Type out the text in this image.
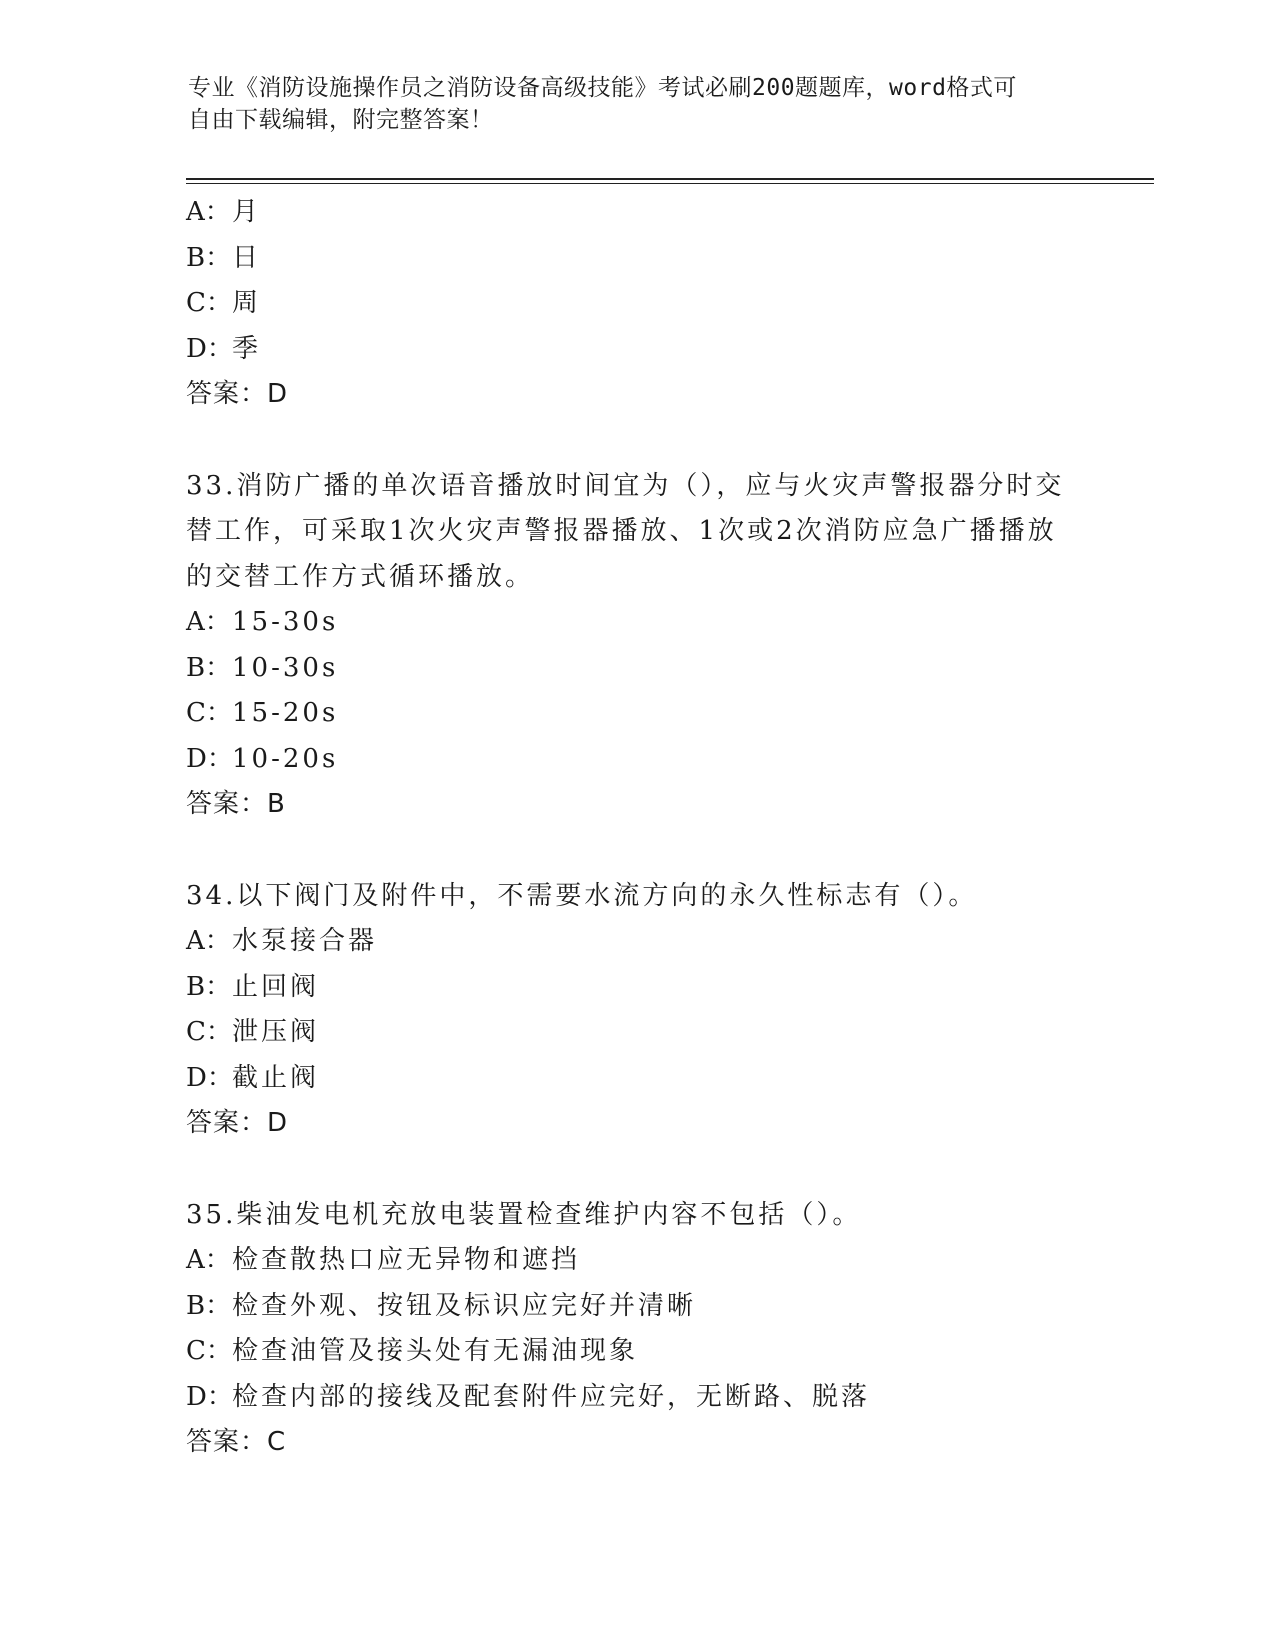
专业《消防设施操作员之消防设备高级技能》考试必刷200题题库，word格式可
自由下载编辑，附完整答案！
A：月
B：日
C：周
D：季
答案：D
33.消防广播的单次语音播放时间宜为（），应与火灾声警报器分时交
替工作，可采取1次火灾声警报器播放、1次或2次消防应急广播播放
的交替工作方式循环播放。
A：15-30s
B：10-30s
C：15-20s
D：10-20s
答案：B
34.以下阀门及附件中，不需要水流方向的永久性标志有（）。
A：水泵接合器
B：止回阀
C：泄压阀
D：截止阀
答案：D
35.柴油发电机充放电装置检查维护内容不包括（）。
A：检查散热口应无异物和遮挡
B：检查外观、按钮及标识应完好并清晰
C：检查油管及接头处有无漏油现象
D：检查内部的接线及配套附件应完好，无断路、脱落
答案：C
